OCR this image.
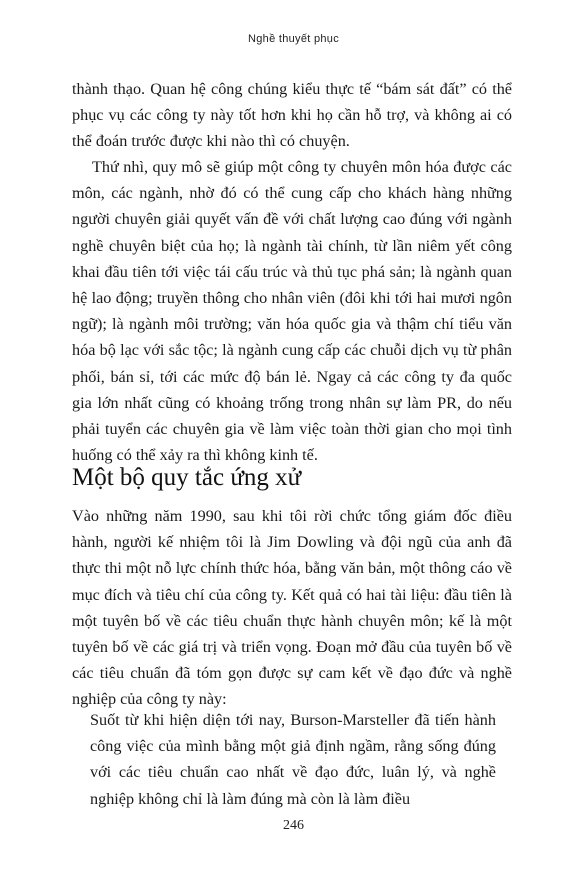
Nghề thuyết phục

thành thạo. Quan hệ công chúng kiểu thực tế “bám sát đất” có thể phục vụ các công ty này tốt hơn khi họ cần hỗ trợ, và không ai có thể đoán trước được khi nào thì có chuyện.

Thứ nhì, quy mô sẽ giúp một công ty chuyên môn hóa được các môn, các ngành, nhờ đó có thể cung cấp cho khách hàng những người chuyên giải quyết vấn đề với chất lượng cao đúng với ngành nghề chuyên biệt của họ; là ngành tài chính, từ lần niêm yết công khai đầu tiên tới việc tái cấu trúc và thủ tục phá sản; là ngành quan hệ lao động; truyền thông cho nhân viên (đôi khi tới hai mươi ngôn ngữ); là ngành môi trường; văn hóa quốc gia và thậm chí tiểu văn hóa bộ lạc với sắc tộc; là ngành cung cấp các chuỗi dịch vụ từ phân phối, bán sỉ, tới các mức độ bán lẻ. Ngay cả các công ty đa quốc gia lớn nhất cũng có khoảng trống trong nhân sự làm PR, do nếu phải tuyển các chuyên gia về làm việc toàn thời gian cho mọi tình huống có thể xảy ra thì không kinh tế.

Một bộ quy tắc ứng xử

Vào những năm 1990, sau khi tôi rời chức tổng giám đốc điều hành, người kế nhiệm tôi là Jim Dowling và đội ngũ của anh đã thực thi một nỗ lực chính thức hóa, bằng văn bản, một thông cáo về mục đích và tiêu chí của công ty. Kết quả có hai tài liệu: đầu tiên là một tuyên bố về các tiêu chuẩn thực hành chuyên môn; kế là một tuyên bố về các giá trị và triển vọng. Đoạn mở đầu của tuyên bố về các tiêu chuẩn đã tóm gọn được sự cam kết về đạo đức và nghề nghiệp của công ty này:

Suốt từ khi hiện diện tới nay, Burson-Marsteller đã tiến hành công việc của mình bằng một giả định ngầm, rằng sống đúng với các tiêu chuẩn cao nhất về đạo đức, luân lý, và nghề nghiệp không chỉ là làm đúng mà còn là làm điều

246
